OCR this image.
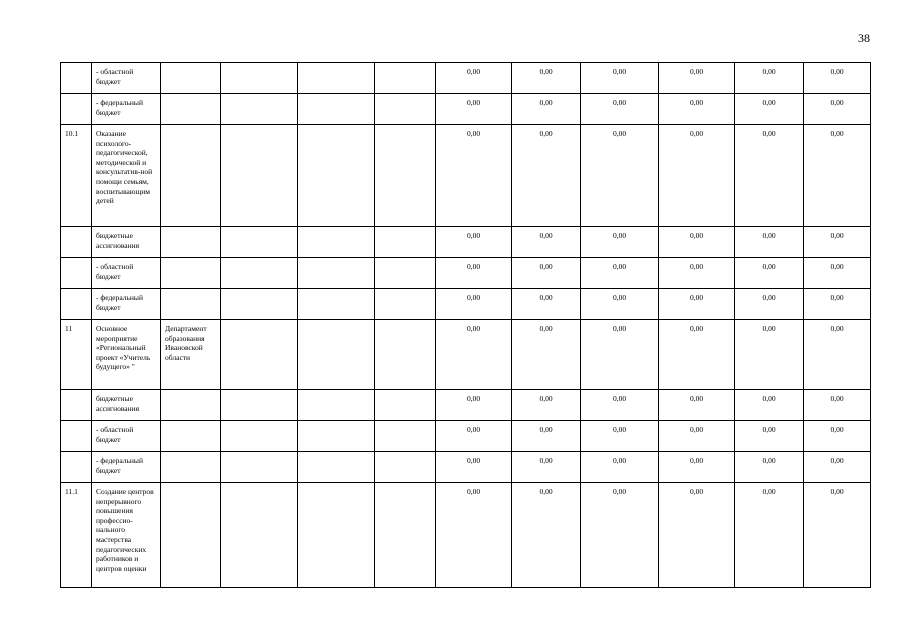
38
	- областной бюджет					0,00	0,00	0,00	0,00	0,00	0,00
	- федеральный бюджет					0,00	0,00	0,00	0,00	0,00	0,00
10.1	Оказание психолого-педагогической, методической и консультатив-ной помощи семьям, воспитывающим детей					0,00	0,00	0,00	0,00	0,00	0,00
	бюджетные ассигнования					0,00	0,00	0,00	0,00	0,00	0,00
	- областной бюджет					0,00	0,00	0,00	0,00	0,00	0,00
	- федеральный бюджет					0,00	0,00	0,00	0,00	0,00	0,00
11	Основное мероприятие «Региональный проект «Учитель будущего» "	Департамент образования Ивановской области				0,00	0,00	0,00	0,00	0,00	0,00
	бюджетные ассигнования					0,00	0,00	0,00	0,00	0,00	0,00
	- областной бюджет					0,00	0,00	0,00	0,00	0,00	0,00
	- федеральный бюджет					0,00	0,00	0,00	0,00	0,00	0,00
11.1	Создание центров непрерывного повышения профессио-нального мастерства педагогических работников и центров оценки					0,00	0,00	0,00	0,00	0,00	0,00
